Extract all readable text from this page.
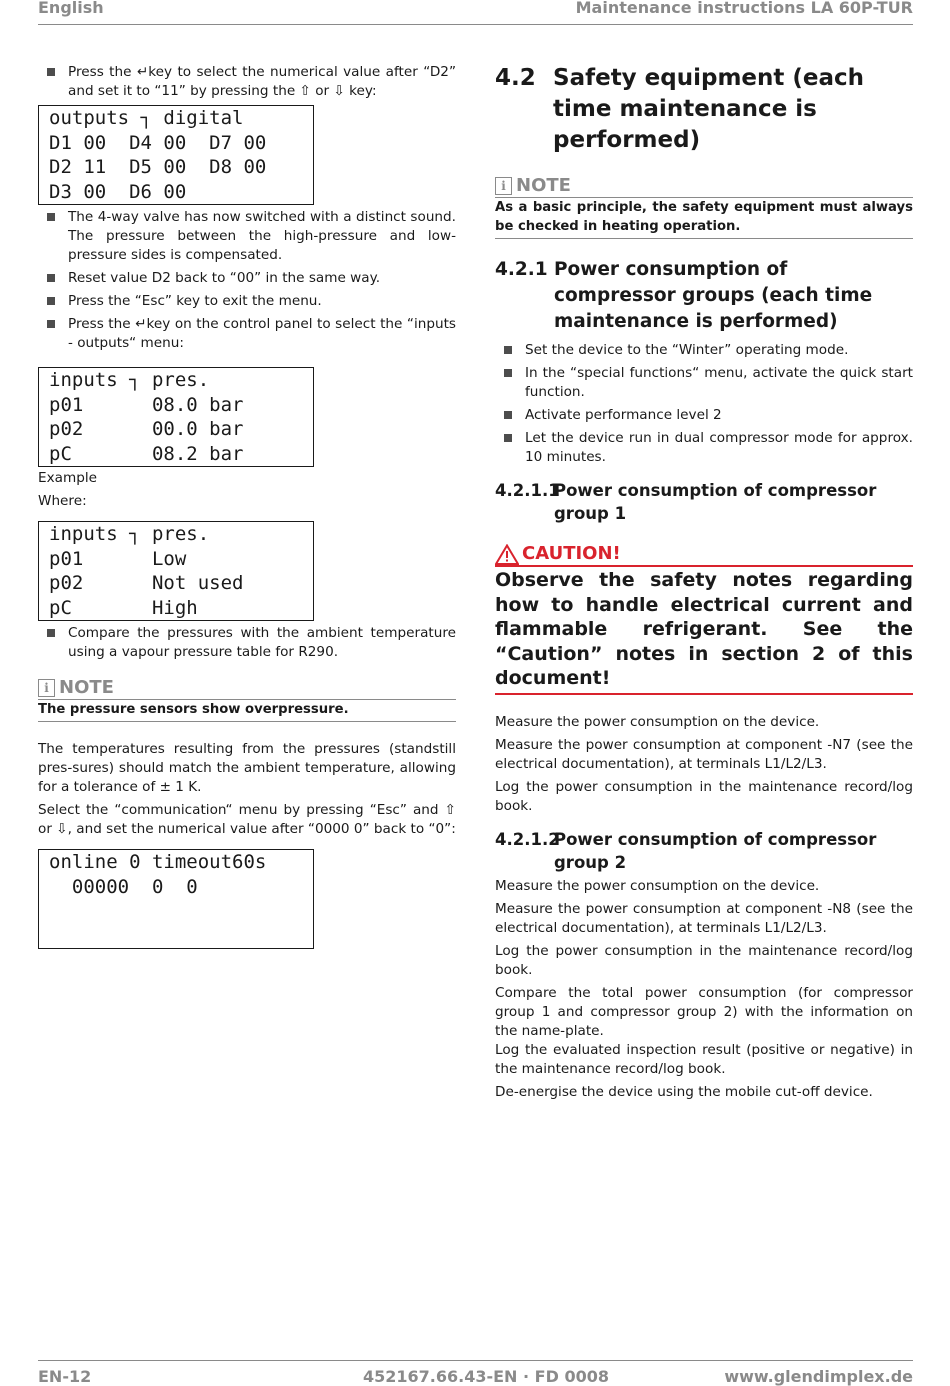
English	Maintenance instructions LA 60P-TUR
Press the ↵key to select the numerical value after “D2” and set it to “11” by pressing the ⇧ or ⇩ key:
outputs ┐ digital
D1 00  D4 00  D7 00
D2 11  D5 00  D8 00
D3 00  D6 00
The 4-way valve has now switched with a distinct sound. The pressure between the high-pressure and low-pressure sides is compensated.
Reset value D2 back to “00” in the same way.
Press the “Esc” key to exit the menu.
Press the ↵key on the control panel to select the “inputs - outputs“ menu:
inputs ┐ pres.
p01      08.0 bar
p02      00.0 bar
pC       08.2 bar
Example
Where:
inputs ┐ pres.
p01      Low
p02      Not used
pC       High
Compare the pressures with the ambient temperature using a vapour pressure table for R290.
i NOTE
The pressure sensors show overpressure.
The temperatures resulting from the pressures (standstill pres-sures) should match the ambient temperature, allowing for a tolerance of ± 1 K.
Select the “communication“ menu by pressing “Esc” and ⇧ or ⇩, and set the numerical value after “0000 0” back to “0”:
online 0 timeout60s
00000  0  0
4.2 Safety equipment (each time maintenance is performed)
i NOTE
As a basic principle, the safety equipment must always be checked in heating operation.
4.2.1 Power consumption of compressor groups (each time maintenance is performed)
Set the device to the “Winter” operating mode.
In the “special functions“ menu, activate the quick start function.
Activate performance level 2
Let the device run in dual compressor mode for approx. 10 minutes.
4.2.1.1
Power consumption of compressor group 1
CAUTION!
Observe the safety notes regarding how to handle electrical current and flammable refrigerant. See the “Caution” notes in section 2 of this document!
Measure the power consumption on the device.
Measure the power consumption at component -N7 (see the electrical documentation), at terminals L1/L2/L3.
Log the power consumption in the maintenance record/log book.
4.2.1.2
Power consumption of compressor group 2
Measure the power consumption on the device.
Measure the power consumption at component -N8 (see the electrical documentation), at terminals L1/L2/L3.
Log the power consumption in the maintenance record/log book.
Compare the total power consumption (for compressor group 1 and compressor group 2) with the information on the name-plate.
Log the evaluated inspection result (positive or negative) in the maintenance record/log book.
De-energise the device using the mobile cut-off device.
EN-12	452167.66.43-EN · FD 0008	www.glendimplex.de
